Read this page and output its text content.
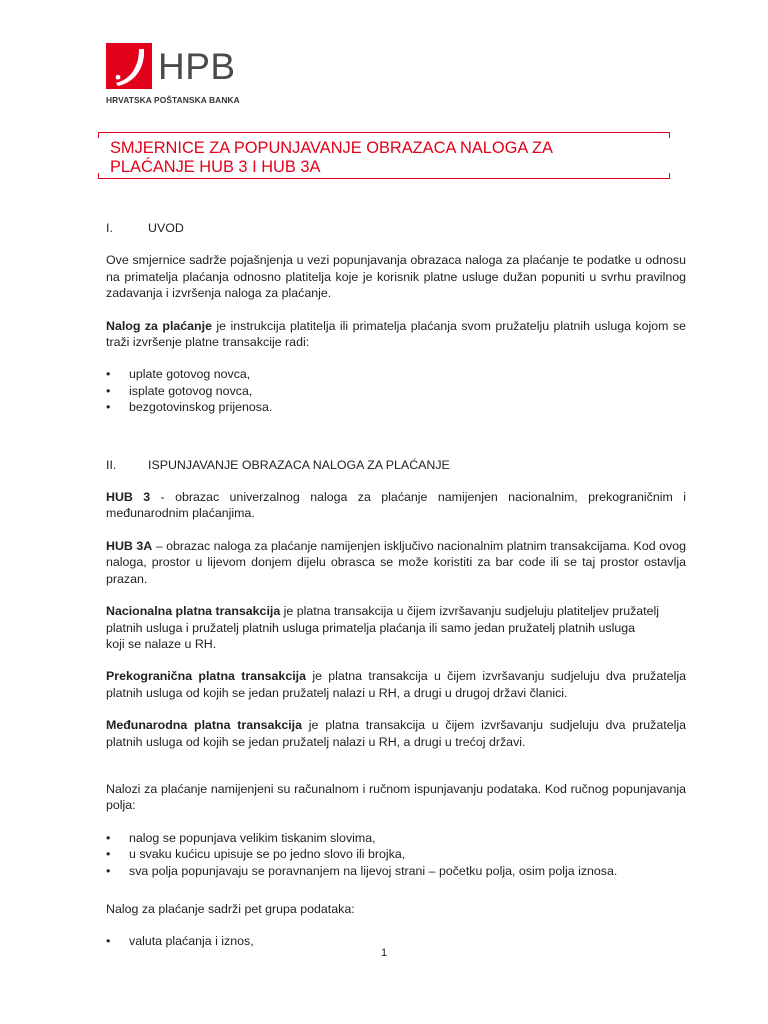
HPB
HRVATSKA POŠTANSKA BANKA
SMJERNICE ZA POPUNJAVANJE OBRAZACA NALOGA ZA
PLAĆANJE HUB 3 I HUB 3A
I.	UVOD

Ove smjernice sadrže pojašnjenja u vezi popunjavanja obrazaca naloga za plaćanje te podatke u odnosu na primatelja plaćanja odnosno platitelja koje je korisnik platne usluge dužan popuniti u svrhu pravilnog zadavanja i izvršenja naloga za plaćanje.

Nalog za plaćanje je instrukcija platitelja ili primatelja plaćanja svom pružatelju platnih usluga kojom se traži izvršenje platne transakcije radi:

• uplate gotovog novca,
• isplate gotovog novca,
• bezgotovinskog prijenosa.
II.	ISPUNJAVANJE OBRAZACA NALOGA ZA PLAĆANJE

HUB 3 - obrazac univerzalnog naloga za plaćanje namijenjen nacionalnim, prekograničnim i međunarodnim plaćanjima.

HUB 3A – obrazac naloga za plaćanje namijenjen isključivo nacionalnim platnim transakcijama. Kod ovog naloga, prostor u lijevom donjem dijelu obrasca se može koristiti za bar code ili se taj prostor ostavlja prazan.

Nacionalna platna transakcija je platna transakcija u čijem izvršavanju sudjeluju platiteljev pružatelj
platnih usluga i pružatelj platnih usluga primatelja plaćanja ili samo jedan pružatelj platnih usluga
koji se nalaze u RH.

Prekogranična platna transakcija je platna transakcija u čijem izvršavanju sudjeluju dva pružatelja platnih usluga od kojih se jedan pružatelj nalazi u RH, a drugi u drugoj državi članici.

Međunarodna platna transakcija je platna transakcija u čijem izvršavanju sudjeluju dva pružatelja platnih usluga od kojih se jedan pružatelj nalazi u RH, a drugi u trećoj državi.

Nalozi za plaćanje namijenjeni su računalnom i ručnom ispunjavanju podataka. Kod ručnog popunjavanja polja:

• nalog se popunjava velikim tiskanim slovima,
• u svaku kućicu upisuje se po jedno slovo ili brojka,
• sva polja popunjavaju se poravnanjem na lijevoj strani – početku polja, osim polja iznosa.

Nalog za plaćanje sadrži pet grupa podataka:

• valuta plaćanja i iznos,
1
